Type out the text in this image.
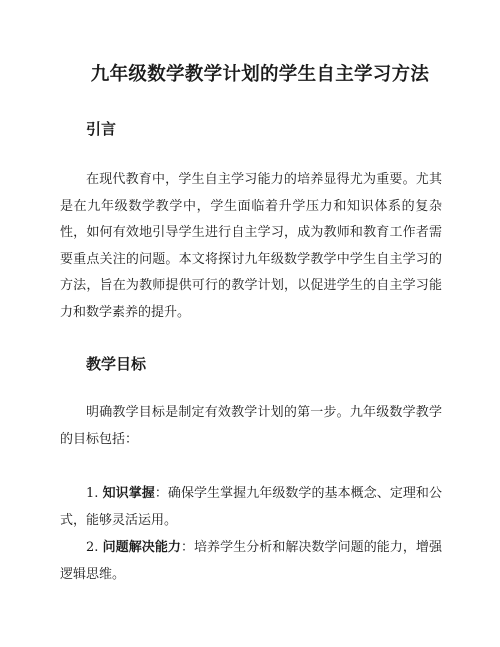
九年级数学教学计划的学生自主学习方法
引言

在现代教育中，学生自主学习能力的培养显得尤为重要。尤其是在九年级数学教学中，学生面临着升学压力和知识体系的复杂性，如何有效地引导学生进行自主学习，成为教师和教育工作者需要重点关注的问题。本文将探讨九年级数学教学中学生自主学习的方法，旨在为教师提供可行的教学计划，以促进学生的自主学习能力和数学素养的提升。

教学目标

明确教学目标是制定有效教学计划的第一步。九年级数学教学的目标包括：

1. 知识掌握：确保学生掌握九年级数学的基本概念、定理和公式，能够灵活运用。

2. 问题解决能力：培养学生分析和解决数学问题的能力，增强逻辑思维。
